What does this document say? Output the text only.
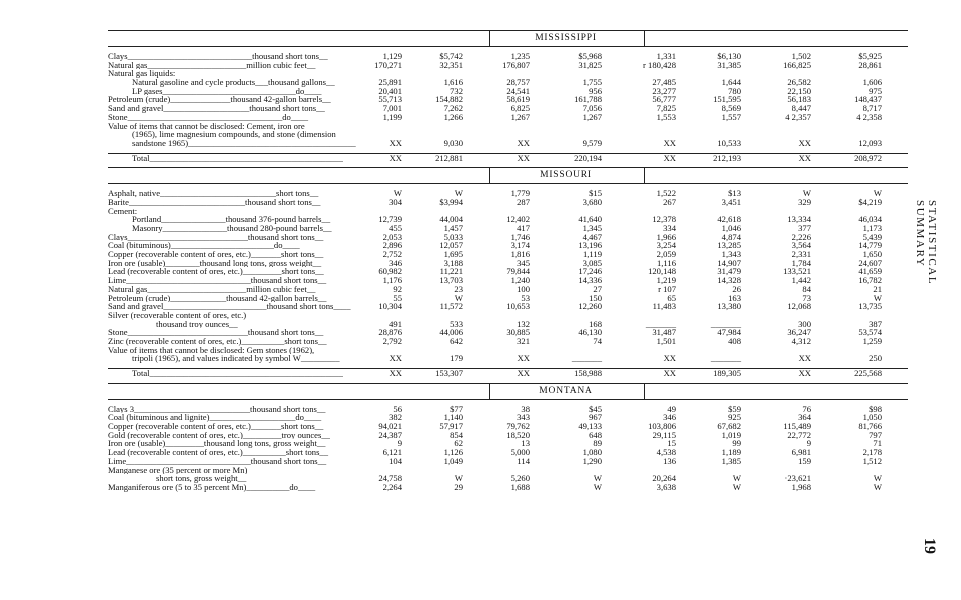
MISSISSIPPI
Clays_____________________________thousand short tons__	1,129	$5,742	1,235	$5,968	1,331	$6,130	1,502	$5,925
Natural gas_______________________million cubic feet__	170,271	32,351	176,807	31,825	r 180,428	31,385	166,825	28,861
Natural gas liquids:
Natural gasoline and cycle products___thousand gallons__	25,891	1,616	28,757	1,755	27,485	1,644	26,582	1,606
LP gases_______________________________do____	20,401	732	24,541	956	23,277	780	22,150	975
Petroleum (crude)______________thousand 42-gallon barrels__	55,713	154,882	58,619	161,788	56,777	151,595	56,183	148,437
Sand and gravel____________________thousand short tons__	7,001	7,262	6,825	7,056	7,825	8,569	8,447	8,717
Stone____________________________________do____	1,199	1,266	1,267	1,267	1,553	1,557	4 2,357	4 2,358
Value of items that cannot be disclosed: Cement, iron ore
(1965), lime magnesium compounds, and stone (dimension
sandstone 1965)_______________________________________	XX	9,030	XX	9,579	XX	10,533	XX	12,093
Total_____________________________________________	XX	212,881	XX	220,194	XX	212,193	XX	208,972
MISSOURI
Asphalt, native___________________________short tons__	W	W	1,779	$15	1,522	$13	W	W
Barite___________________________thousand short tons__	304	$3,994	287	3,680	267	3,451	329	$4,219
Cement:
Portland_______________thousand 376-pound barrels__	12,739	44,004	12,402	41,640	12,378	42,618	13,334	46,034
Masonry_______________thousand 280-pound barrels__	455	1,457	417	1,345	334	1,046	377	1,173
Clays____________________________thousand short tons__	2,053	5,033	1,746	4,467	1,966	4,874	2,226	5,439
Coal (bituminous)________________________do____	2,896	12,057	3,174	13,196	3,254	13,285	3,564	14,779
Copper (recoverable content of ores, etc.)_______short tons__	2,752	1,695	1,816	1,119	2,059	1,343	2,331	1,650
Iron ore (usable)________thousand long tons, gross weight__	346	3,188	345	3,085	1,116	14,907	1,784	24,607
Lead (recoverable content of ores, etc.)_________short tons__	60,982	11,221	79,844	17,246	120,148	31,479	133,521	41,659
Lime_____________________________thousand short tons__	1,176	13,703	1,240	14,336	1,219	14,328	1,442	16,782
Natural gas_______________________million cubic feet__	92	23	100	27	r 107	26	84	21
Petroleum (crude)_____________thousand 42-gallon barrels__	55	W	53	150	65	163	73	W
Sand and gravel________________________thousand short tons____	10,304	11,572	10,653	12,260	11,483	13,380	12,068	13,735
Silver (recoverable content of ores, etc.)
thousand troy ounces__	491	533	132	168	_______	_______	300	387
Stone____________________________thousand short tons__	28,876	44,006	30,885	46,130	31,487	47,984	36,247	53,574
Zinc (recoverable content of ores, etc.)__________short tons__	2,792	642	321	74	1,501	408	4,312	1,259
Value of items that cannot be disclosed: Gem stones (1962),
tripoli (1965), and values indicated by symbol W_________	XX	179	XX	_______	XX	_______	XX	250
Total_____________________________________________	XX	153,307	XX	158,988	XX	189,305	XX	225,568
MONTANA
Clays 3___________________________thousand short tons__	56	$77	38	$45	49	$59	76	$98
Coal (bituminous and lignite)____________________do____	382	1,140	343	967	346	925	364	1,050
Copper (recoverable content of ores, etc.)_______short tons__	94,021	57,917	79,762	49,133	103,806	67,682	115,489	81,766
Gold (recoverable content of ores, etc.)_________troy ounces__	24,387	854	18,520	648	29,115	1,019	22,772	797
Iron ore (usable)_________thousand long tons, gross weight__	9	62	13	89	15	99	9	71
Lead (recoverable content of ores, etc.)__________short tons__	6,121	1,126	5,000	1,080	4,538	1,189	6,981	2,178
Lime_____________________________thousand short tons__	104	1,049	114	1,290	136	1,385	159	1,512
Manganese ore (35 percent or more Mn)
short tons, gross weight__	24,758	W	5,260	W	20,264	W	·23,621	W
Manganiferous ore (5 to 35 percent Mn)__________do____	2,264	29	1,688	W	3,638	W	1,968	W
STATISTICAL SUMMARY
19
